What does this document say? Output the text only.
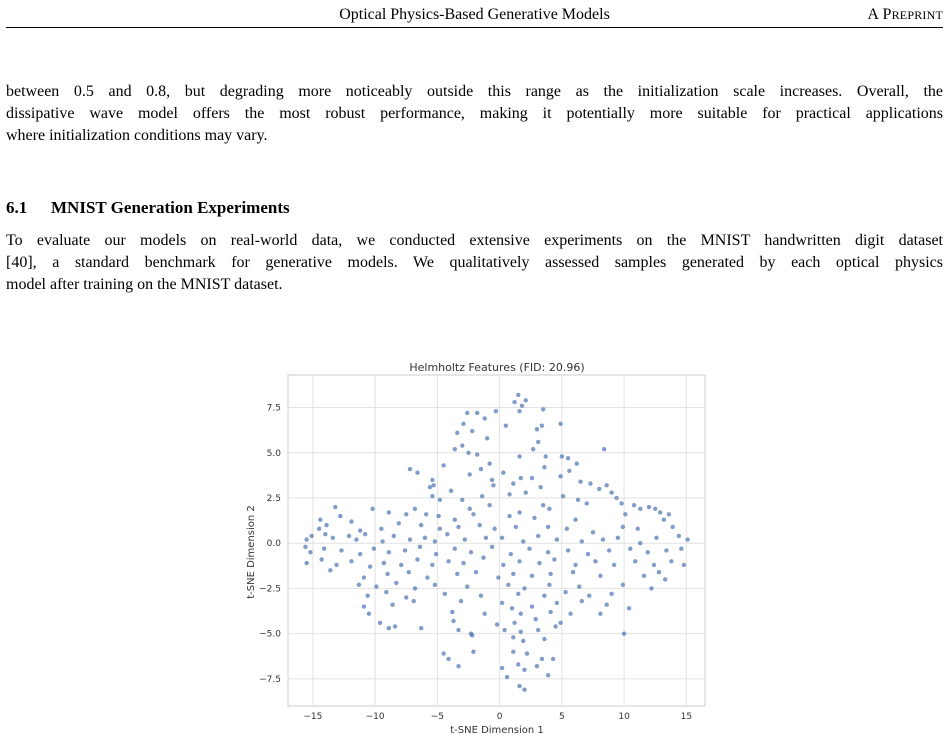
Optical Physics-Based Generative Models	A PREPRINT

between 0.5 and 0.8, but degrading more noticeably outside this range as the initialization scale increases. Overall, the
dissipative wave model offers the most robust performance, making it potentially more suitable for practical applications
where initialization conditions may vary.

6.1 MNIST Generation Experiments

To evaluate our models on real-world data, we conducted extensive experiments on the MNIST handwritten digit dataset
[40], a standard benchmark for generative models. We qualitatively assessed samples generated by each optical physics
model after training on the MNIST dataset.

Helmholtz Features (FID: 20.96)
−15	−10	−5	0	5	10	15
−7.5
−5.0
−2.5
0.0
2.5
5.0
7.5
t-SNE Dimension 1
t-SNE Dimension 2
